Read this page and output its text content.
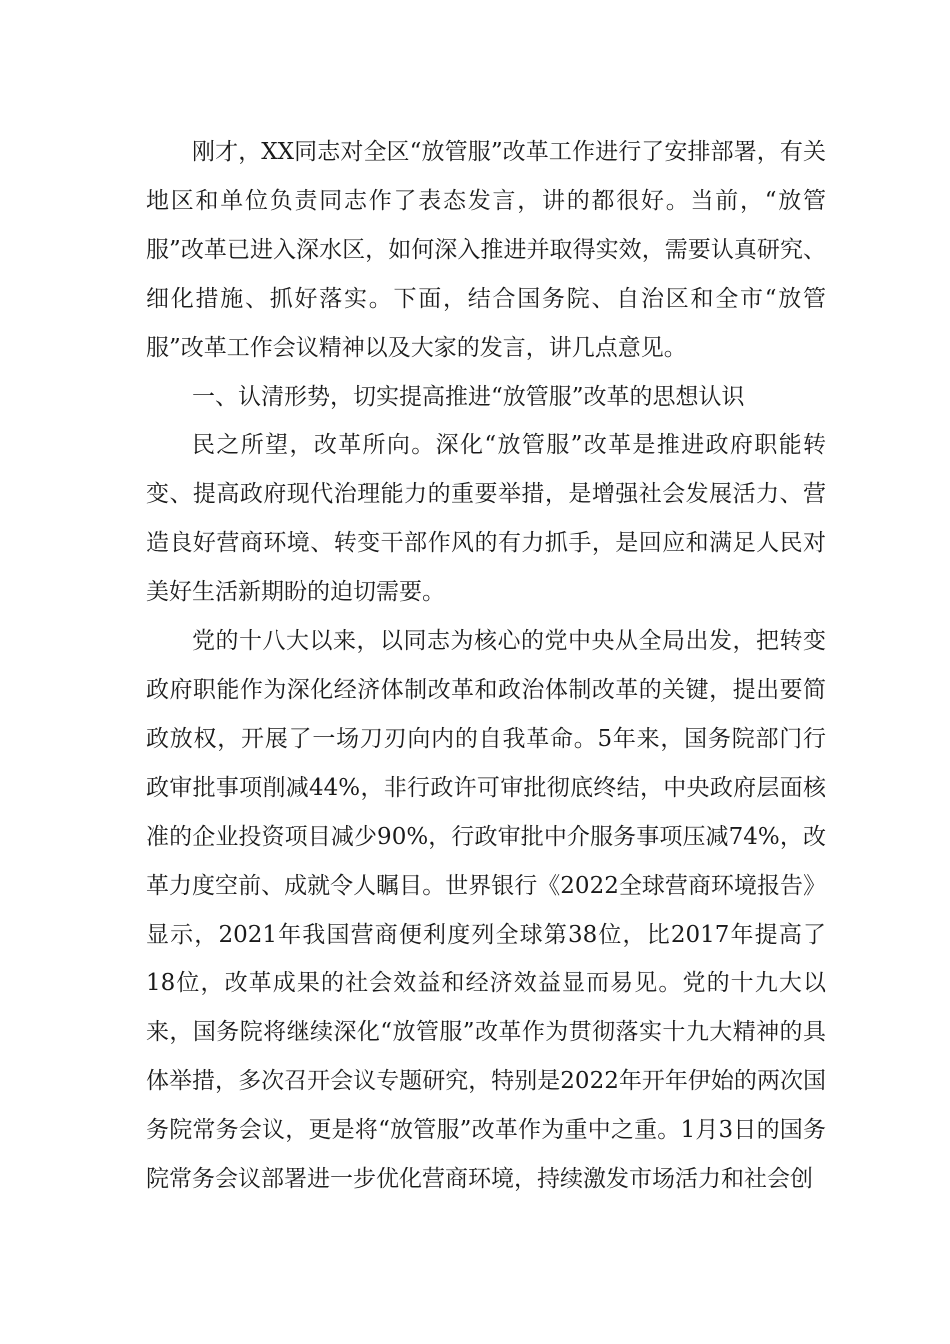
刚才，XX同志对全区“放管服”改革工作进行了安排部署，有关地区和单位负责同志作了表态发言，讲的都很好。当前，“放管服”改革已进入深水区，如何深入推进并取得实效，需要认真研究、细化措施、抓好落实。下面，结合国务院、自治区和全市“放管服”改革工作会议精神以及大家的发言，讲几点意见。

一、认清形势，切实提高推进“放管服”改革的思想认识

民之所望，改革所向。深化“放管服”改革是推进政府职能转变、提高政府现代治理能力的重要举措，是增强社会发展活力、营造良好营商环境、转变干部作风的有力抓手，是回应和满足人民对美好生活新期盼的迫切需要。

党的十八大以来，以同志为核心的党中央从全局出发，把转变政府职能作为深化经济体制改革和政治体制改革的关键，提出要简政放权，开展了一场刀刃向内的自我革命。5年来，国务院部门行政审批事项削减44%，非行政许可审批彻底终结，中央政府层面核准的企业投资项目减少90%，行政审批中介服务事项压减74%，改革力度空前、成就令人瞩目。世界银行《2022全球营商环境报告》显示，2021年我国营商便利度列全球第38位，比2017年提高了18位，改革成果的社会效益和经济效益显而易见。党的十九大以来，国务院将继续深化“放管服”改革作为贯彻落实十九大精神的具体举措，多次召开会议专题研究，特别是2022年开年伊始的两次国务院常务会议，更是将“放管服”改革作为重中之重。1月3日的国务院常务会议部署进一步优化营商环境，持续激发市场活力和社会创
